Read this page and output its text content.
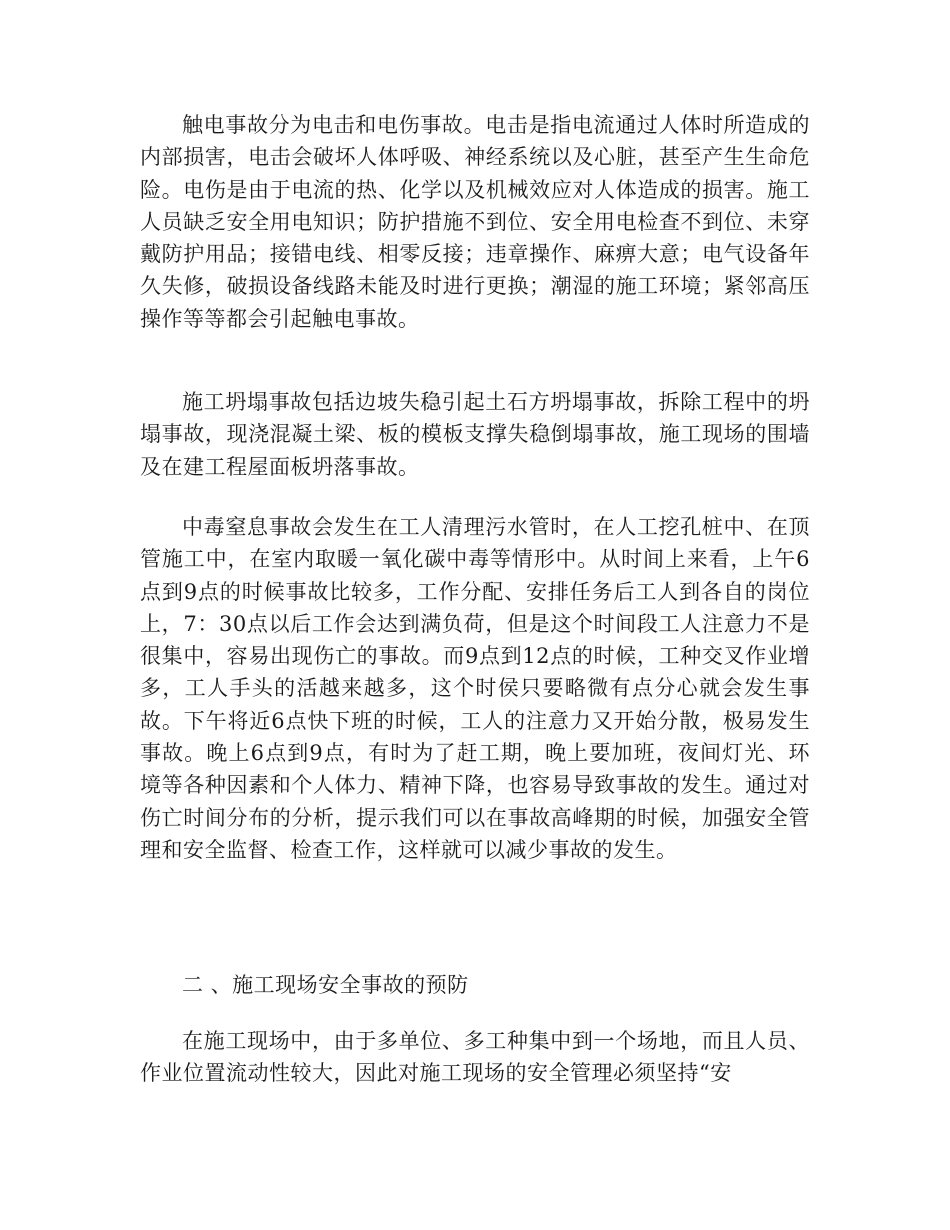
触电事故分为电击和电伤事故。电击是指电流通过人体时所造成的内部损害，电击会破坏人体呼吸、神经系统以及心脏，甚至产生生命危险。电伤是由于电流的热、化学以及机械效应对人体造成的损害。施工人员缺乏安全用电知识；防护措施不到位、安全用电检查不到位、未穿戴防护用品；接错电线、相零反接；违章操作、麻痹大意；电气设备年久失修，破损设备线路未能及时进行更换；潮湿的施工环境；紧邻高压操作等等都会引起触电事故。

施工坍塌事故包括边坡失稳引起土石方坍塌事故，拆除工程中的坍塌事故，现浇混凝土梁、板的模板支撑失稳倒塌事故，施工现场的围墙及在建工程屋面板坍落事故。

中毒窒息事故会发生在工人清理污水管时，在人工挖孔桩中、在顶管施工中，在室内取暖一氧化碳中毒等情形中。从时间上来看，上午6点到9点的时候事故比较多，工作分配、安排任务后工人到各自的岗位上，7：30点以后工作会达到满负荷，但是这个时间段工人注意力不是很集中，容易出现伤亡的事故。而9点到12点的时候，工种交叉作业增多，工人手头的活越来越多，这个时侯只要略微有点分心就会发生事故。下午将近6点快下班的时候，工人的注意力又开始分散，极易发生事故。晚上6点到9点，有时为了赶工期，晚上要加班，夜间灯光、环境等各种因素和个人体力、精神下降，也容易导致事故的发生。通过对伤亡时间分布的分析，提示我们可以在事故高峰期的时候，加强安全管理和安全监督、检查工作，这样就可以减少事故的发生。

二 、施工现场安全事故的预防

在施工现场中，由于多单位、多工种集中到一个场地，而且人员、作业位置流动性较大，因此对施工现场的安全管理必须坚持“安
